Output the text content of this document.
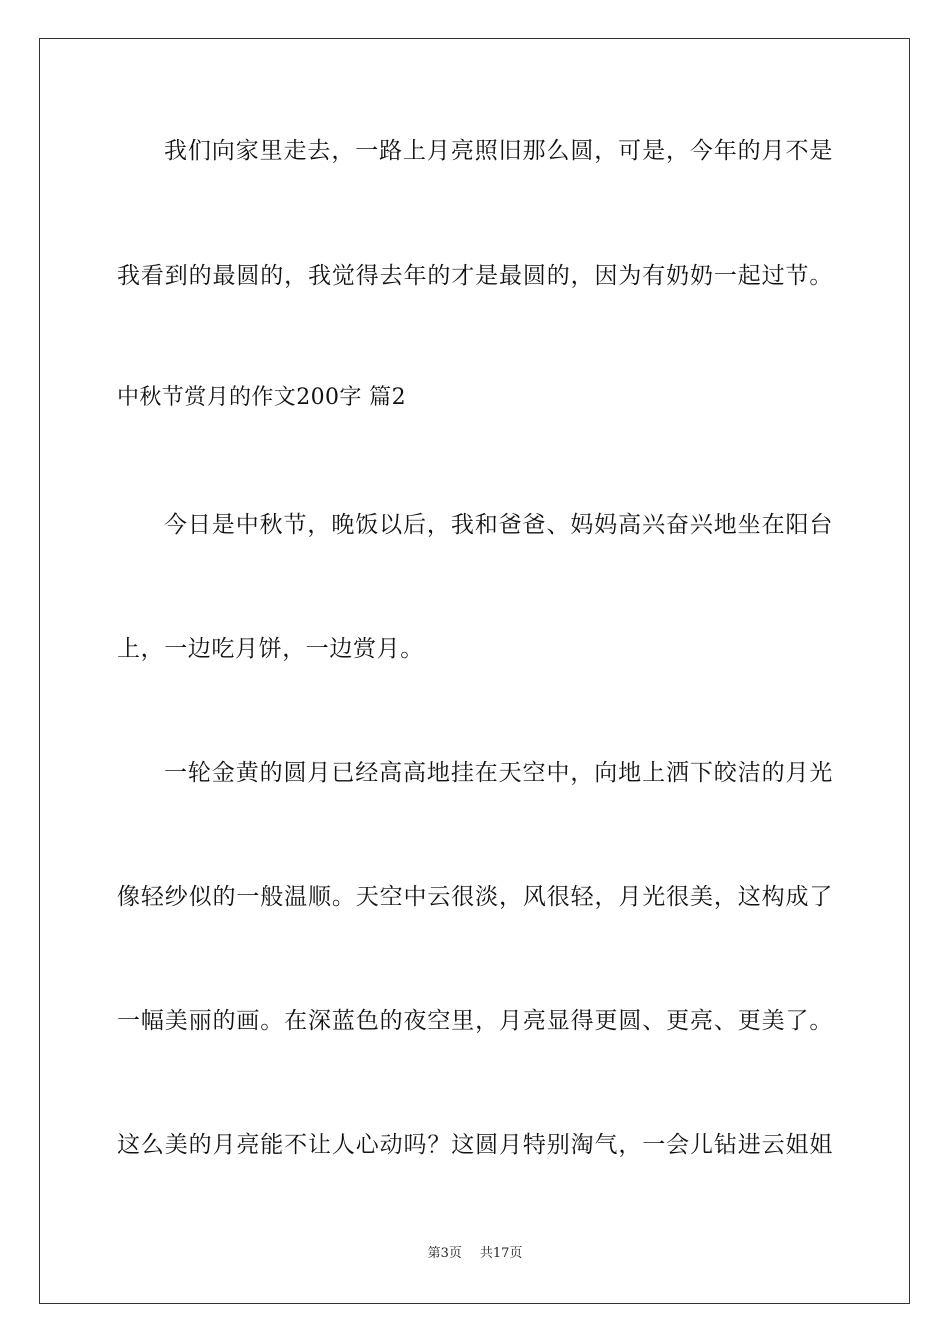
我们向家里走去，一路上月亮照旧那么圆，可是，今年的月不是
我看到的最圆的，我觉得去年的才是最圆的，因为有奶奶一起过节。
中秋节赏月的作文200字 篇2
今日是中秋节，晚饭以后，我和爸爸、妈妈高兴奋兴地坐在阳台
上，一边吃月饼，一边赏月。
一轮金黄的圆月已经高高地挂在天空中，向地上洒下皎洁的月光
像轻纱似的一般温顺。天空中云很淡，风很轻，月光很美，这构成了
一幅美丽的画。在深蓝色的夜空里，月亮显得更圆、更亮、更美了。
这么美的月亮能不让人心动吗？这圆月特别淘气，一会儿钻进云姐姐
第3页 共17页
